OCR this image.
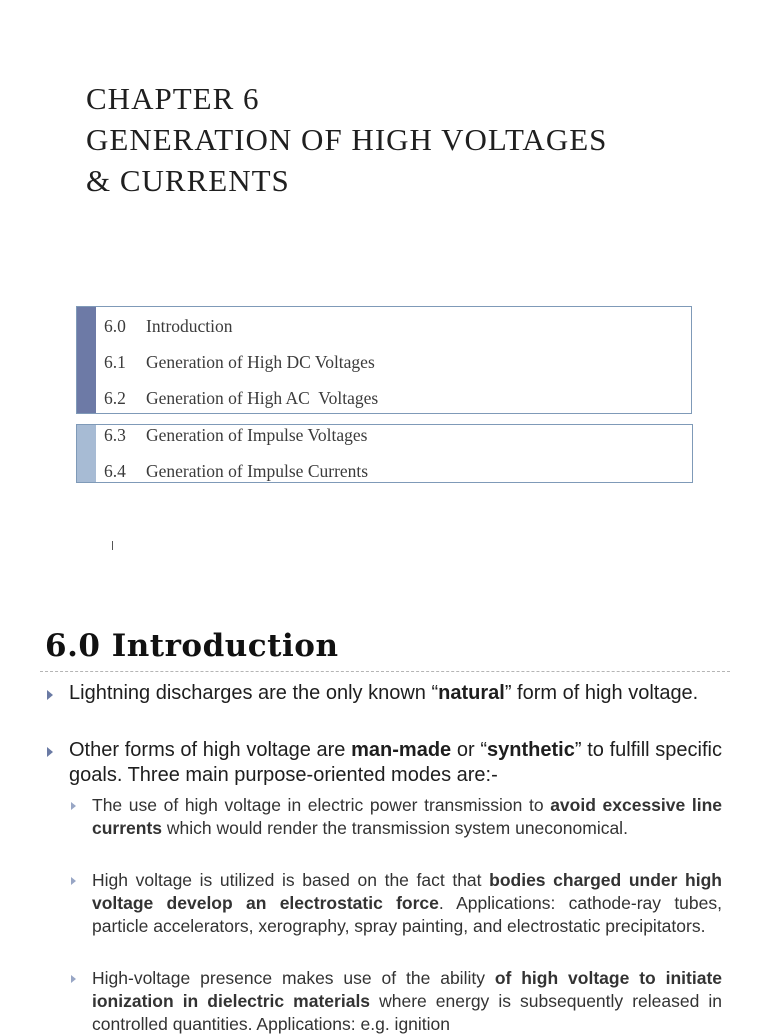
CHAPTER 6
GENERATION OF HIGH VOLTAGES
& CURRENTS
6.0 Introduction
6.1 Generation of High DC Voltages
6.2 Generation of High AC  Voltages
6.3 Generation of Impulse Voltages
6.4 Generation of Impulse Currents
6.0 Introduction
Lightning discharges are the only known “natural” form of high voltage.
Other forms of high voltage are man-made or “synthetic” to fulfill specific goals. Three main purpose-oriented modes are:-
The use of high voltage in electric power transmission to avoid excessive line currents which would render the transmission system uneconomical.
High voltage is utilized is based on the fact that bodies charged under high voltage develop an electrostatic force. Applications: cathode-ray tubes, particle accelerators, xerography, spray painting, and electrostatic precipitators.
High-voltage presence makes use of the ability of high voltage to initiate ionization in dielectric materials where energy is subsequently released in controlled quantities. Applications: e.g. ignition
